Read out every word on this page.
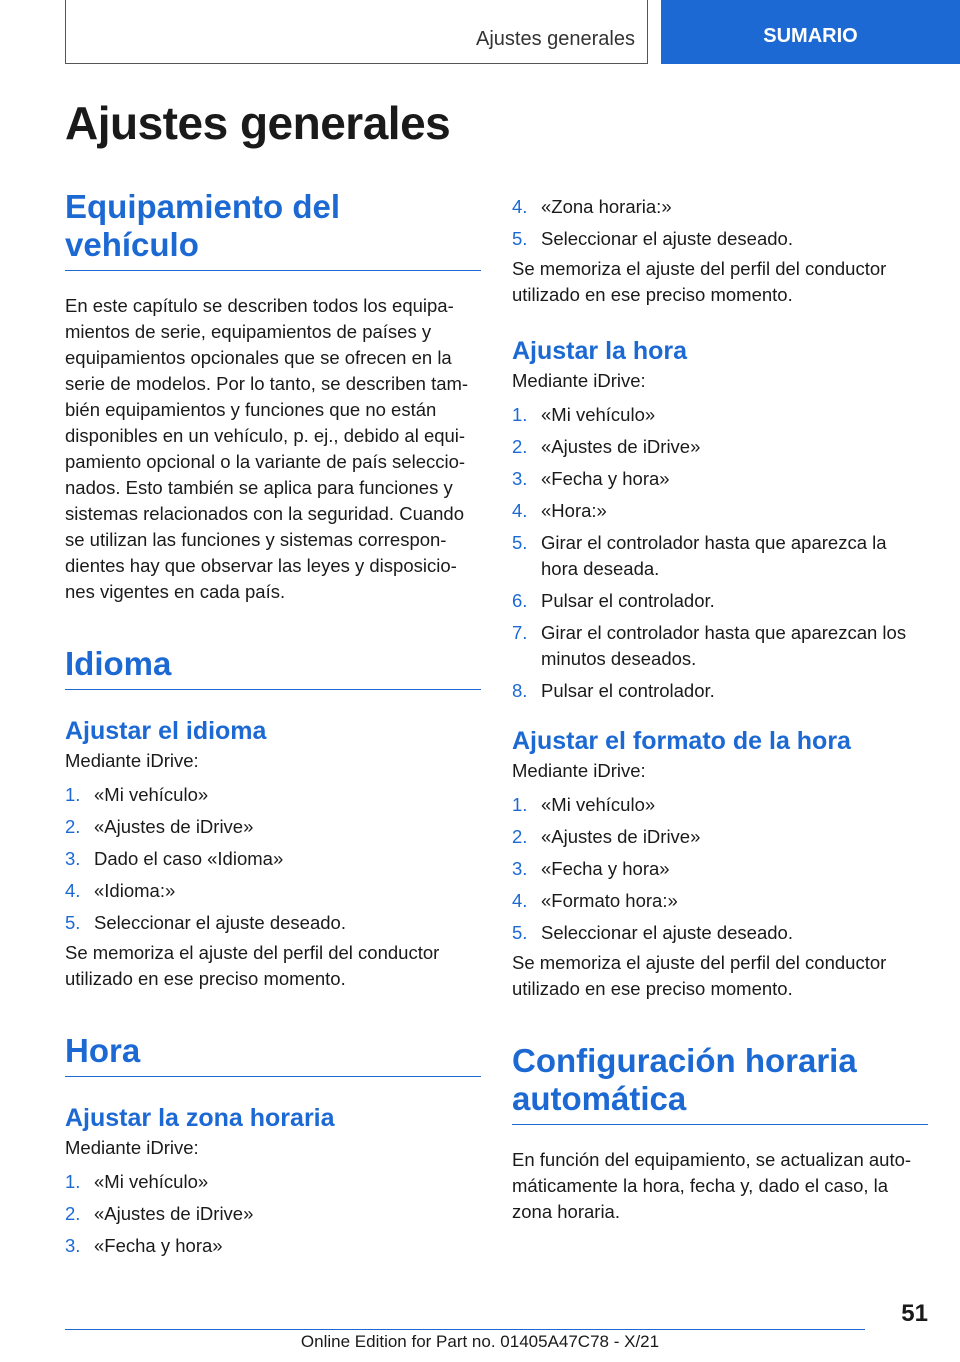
Ajustes generales	SUMARIO
Ajustes generales
Equipamiento del vehículo

En este capítulo se describen todos los equipa‐
mientos de serie, equipamientos de países y
equipamientos opcionales que se ofrecen en la
serie de modelos. Por lo tanto, se describen tam‐
bién equipamientos y funciones que no están
disponibles en un vehículo, p. ej., debido al equi‐
pamiento opcional o la variante de país seleccio‐
nados. Esto también se aplica para funciones y
sistemas relacionados con la seguridad. Cuando
se utilizan las funciones y sistemas correspon‐
dientes hay que observar las leyes y disposicio‐
nes vigentes en cada país.

Idioma
Ajustar el idioma

Mediante iDrive:

1. «Mi vehículo»
2. «Ajustes de iDrive»
3. Dado el caso «Idioma»
4. «Idioma:»
5. Seleccionar el ajuste deseado.

Se memoriza el ajuste del perfil del conductor
utilizado en ese preciso momento.

Hora
Ajustar la zona horaria

Mediante iDrive:

1. «Mi vehículo»
2. «Ajustes de iDrive»
3. «Fecha y hora»
4. «Zona horaria:»
5. Seleccionar el ajuste deseado.

Se memoriza el ajuste del perfil del conductor
utilizado en ese preciso momento.

Ajustar la hora

Mediante iDrive:

1. «Mi vehículo»
2. «Ajustes de iDrive»
3. «Fecha y hora»
4. «Hora:»
5. Girar el controlador hasta que aparezca la
hora deseada.
6. Pulsar el controlador.
7. Girar el controlador hasta que aparezcan los
minutos deseados.
8. Pulsar el controlador.
Ajustar el formato de la hora

Mediante iDrive:

1. «Mi vehículo»
2. «Ajustes de iDrive»
3. «Fecha y hora»
4. «Formato hora:»
5. Seleccionar el ajuste deseado.

Se memoriza el ajuste del perfil del conductor
utilizado en ese preciso momento.

Configuración horaria
automática

En función del equipamiento, se actualizan auto‐
máticamente la hora, fecha y, dado el caso, la
zona horaria.

51
Online Edition for Part no. 01405A47C78 - X/21
